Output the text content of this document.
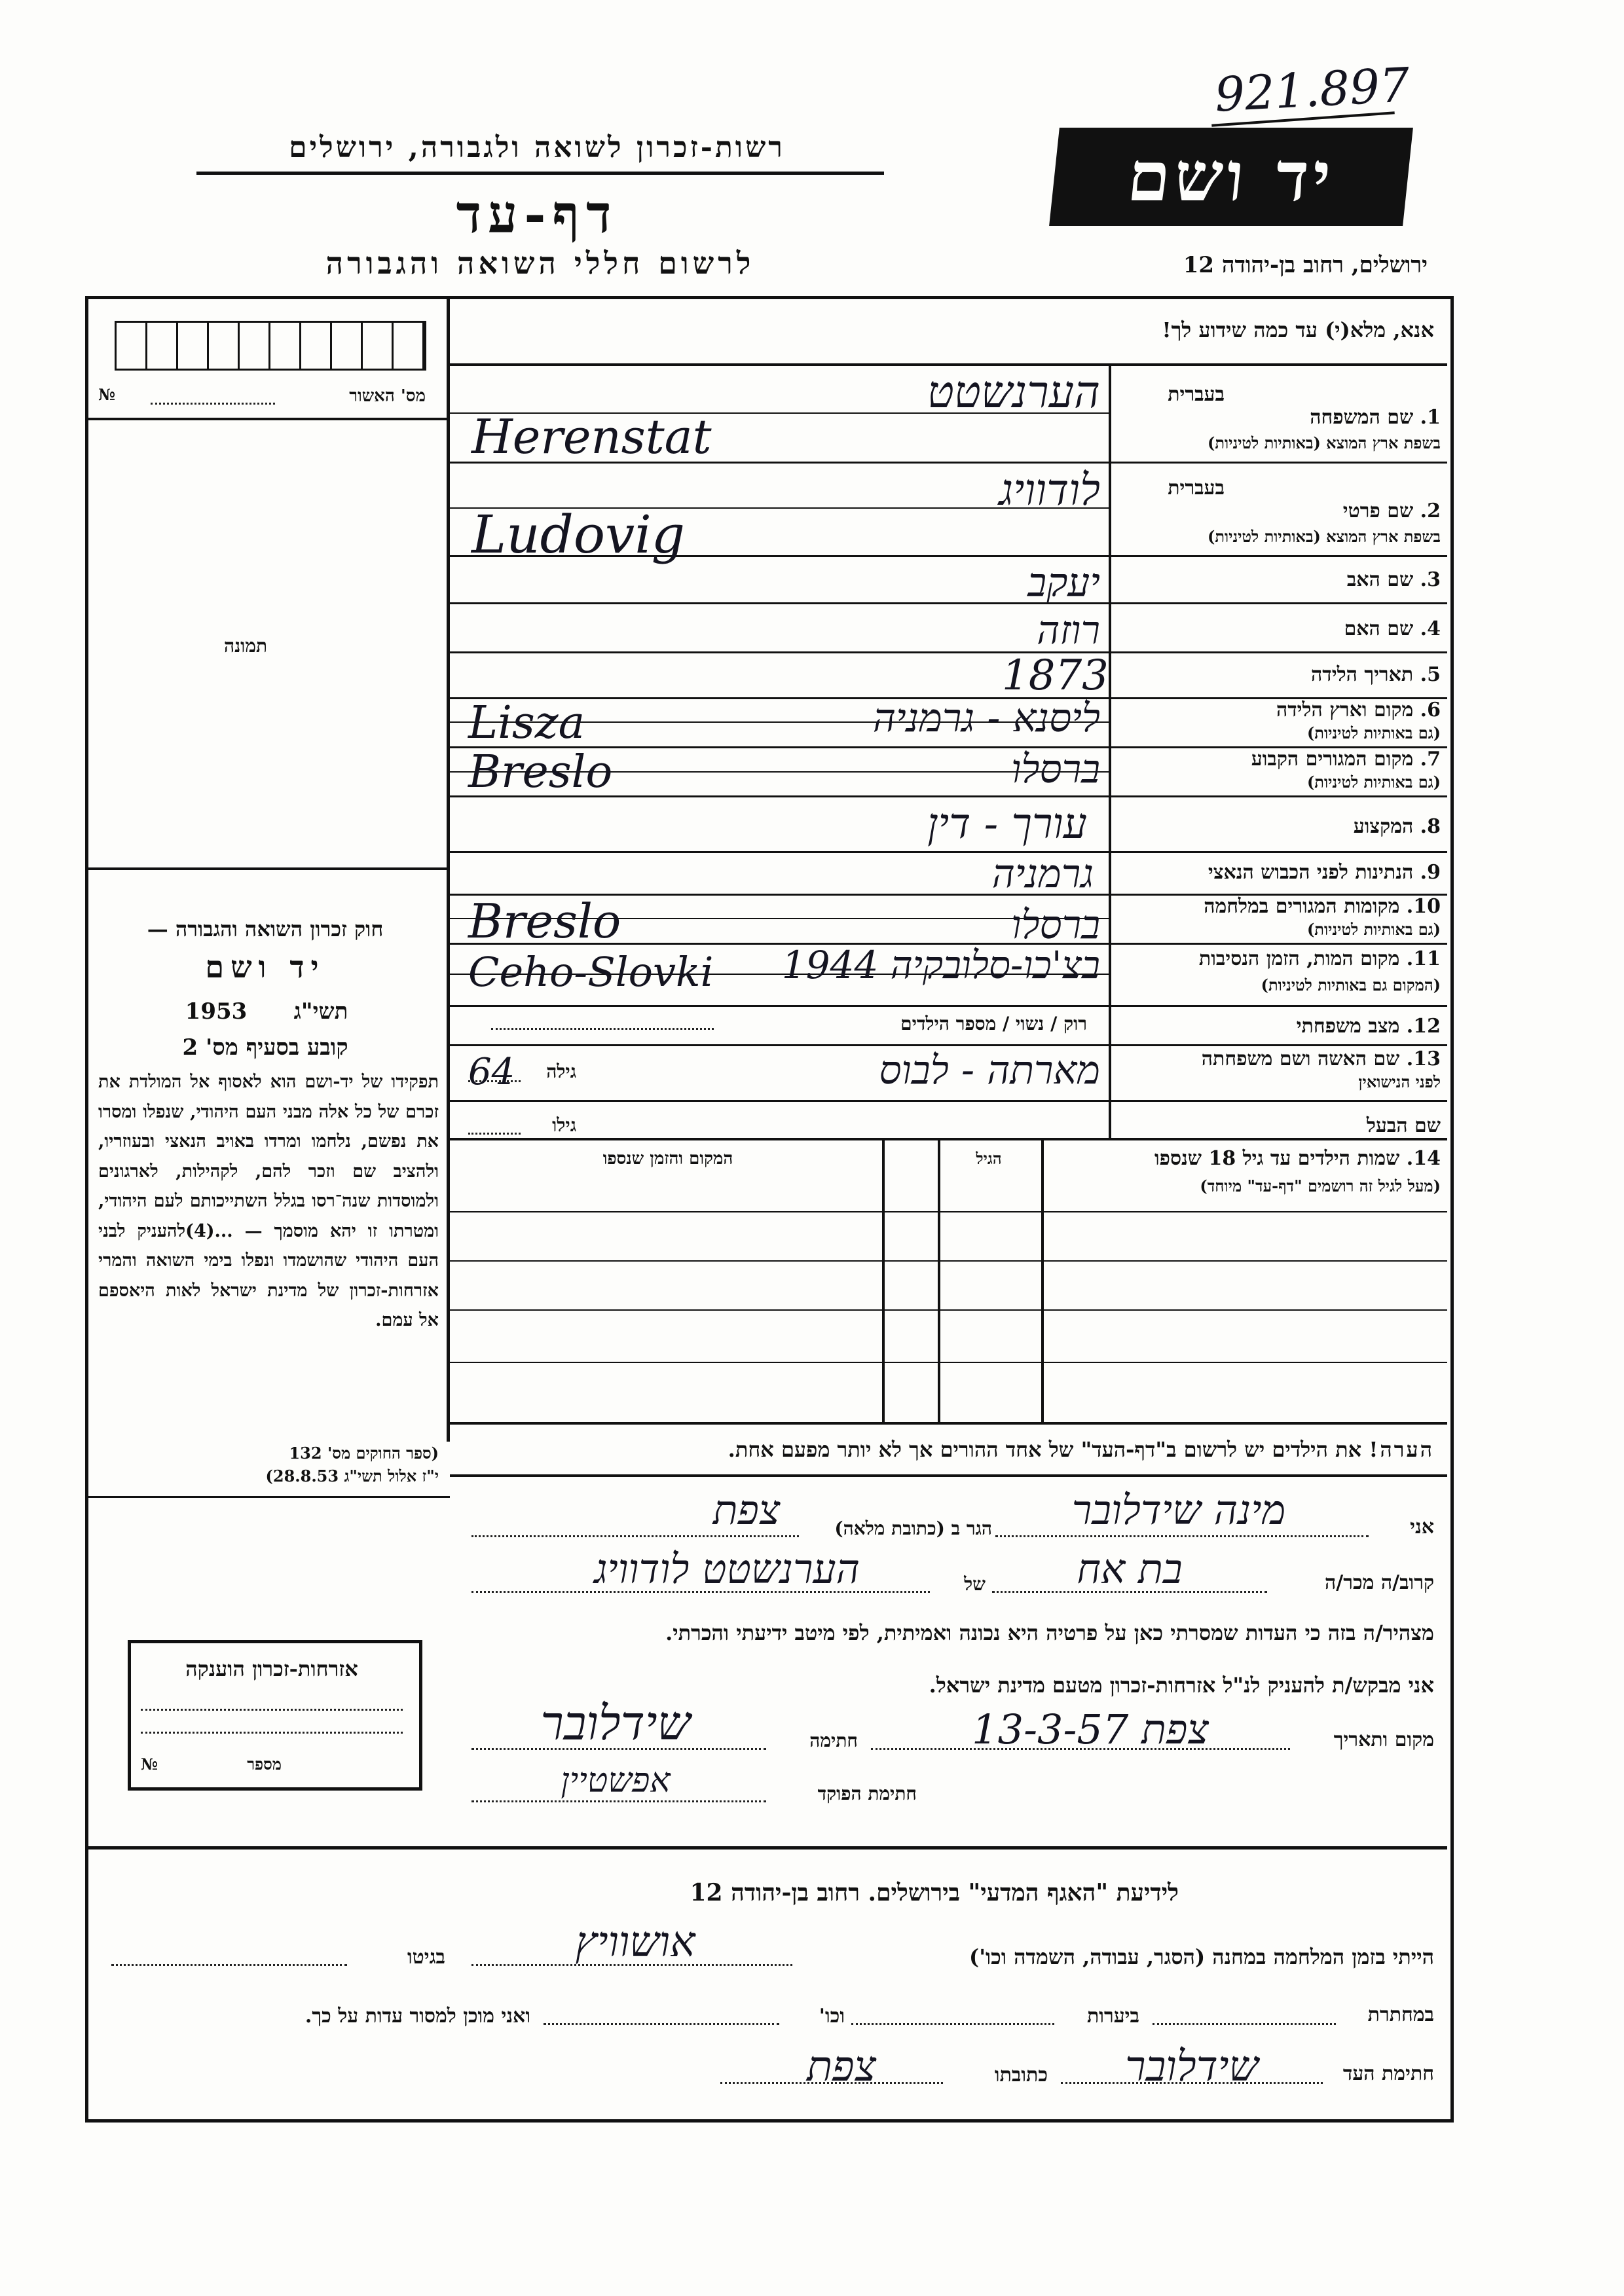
921.897
רשות-זכרון לשואה ולגבורה, ירושלים
דף-עד
לרשום חללי השואה והגבורה
יד ושם
ירושלים, רחוב בן-יהודה 12
מס' האשור
№
תמונה
חוק זכרון השואה והגבורה —
יד ושם
תשי"ג
1953
קובע בסעיף מס' 2
תפקידו של יד-ושם הוא לאסוף אל המולדת את זכרם של כל אלה מבני העם היהודי, שנפלו ומסרו את נפשם, נלחמו ומרדו באויב הנאצי ובעוזריו, ולהציב שם וזכר להם, לקהילות, לארגונים ולמוסדות שנה־רסו בגלל השתייכותם לעם היהודי, ומטרתו זו יהא מוסמך — ...(4)להעניק לבני העם היהודי שהושמדו ונפלו בימי השואה והמרי אזרחות-זכרון של מדינת ישראל לאות היאספם אל עמם.
(ספר החוקים מס' 132
י"ז אלול תשי"ג 28.8.53)
אזרחות-זכרון הוענקה
מספר
№
אנא, מלא(י) עד כמה שידוע לך!
בעברית
1. שם המשפחה
בשפת ארץ המוצא (באותיות לטיניות)
בעברית
2. שם פרטי
בשפת ארץ המוצא (באותיות לטיניות)
3. שם האב
4. שם האם
5. תאריך הלידה
6. מקום וארץ הלידה
(גם באותיות לטיניות)
7. מקום המגורים הקבוע
(גם באותיות לטיניות)
8. המקצוע
9. הנתינות לפני הכבוש הנאצי
10. מקומות המגורים במלחמה
(גם באותיות לטיניות)
11. מקום המות, הזמן הנסיבות
(המקום גם באותיות לטיניות)
12. מצב משפחתי
רוק / נשוי / מספר הילדים
13. שם האשה ושם משפחתה
לפני הנישואין
גילה
שם הבעל
גילו
14. שמות הילדים עד גיל 18 שנספו
(מעל לגיל זה רושמים "דף-עד" מיוחד)
הגיל
המקום והזמן שנספו
הערה! את הילדים יש לרשום ב"דף-העד" של אחד ההורים אך לא יותר מפעם אחת.
אני
הגר ב (כתובת מלאה)
קרוב/ה מכר/ה
של
מצהיר/ה בזה כי העדות שמסרתי כאן על פרטיה היא נכונה ואמיתית, לפי מיטב ידיעתי והכרתי.
אני מבקש/ת להעניק לנ"ל אזרחות-זכרון מטעם מדינת ישראל.
מקום ותאריך
חתימה
חתימת הפוקד
לידיעת "האגף המדעי" בירושלים. רחוב בן-יהודה 12
הייתי בזמן המלחמה במחנה (הסגר, עבודה, השמדה וכו')
בגיטו
במחתרת
ביערות
וכו'
ואני מוכן למסור עדות על כך.
חתימת העד
כתובתו
הערנשטט
Herenstat
לודוויג
Ludovig
יעקב
רוזה
1873
ליסנא - גרמניה
Lisza
ברסלו
Breslo
עורך - דין
גרמניה
ברסלו
Breslo
בצ'כו-סלובקיה 1944
Ceho-Slovki
מארתה - לבוס
64
מינה שידלובר
צפת
בת אח
הערנשטט לודוויג
צפת 13-3-57
שידלובר
אפשטיין
אושוויץ
שידלובר
צפת
